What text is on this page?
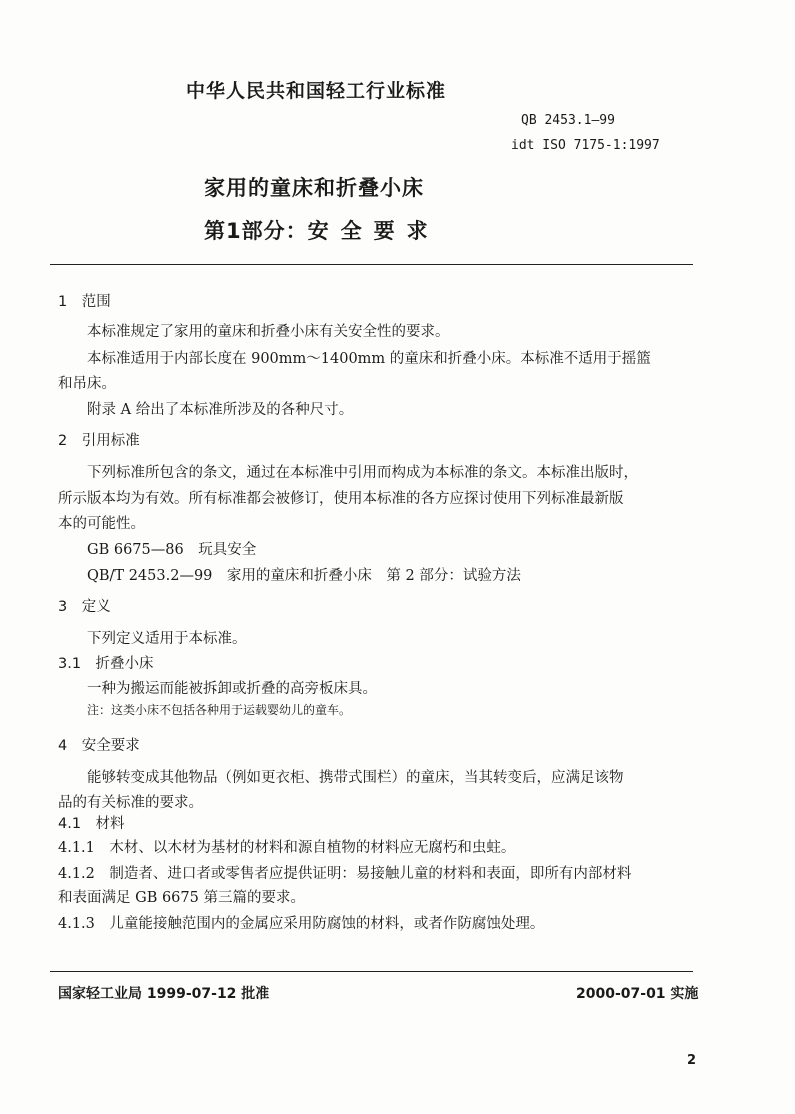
中华人民共和国轻工行业标准
QB 2453.1—99
idt ISO 7175-1:1997
家用的童床和折叠小床
第1部分：安全要求
1　范围
本标准规定了家用的童床和折叠小床有关安全性的要求。
本标准适用于内部长度在 900mm～1400mm 的童床和折叠小床。本标准不适用于摇篮
和吊床。
附录 A 给出了本标准所涉及的各种尺寸。
2　引用标准
下列标准所包含的条文，通过在本标准中引用而构成为本标准的条文。本标准出版时，
所示版本均为有效。所有标准都会被修订，使用本标准的各方应探讨使用下列标准最新版
本的可能性。
GB 6675—86　玩具安全
QB/T 2453.2—99　家用的童床和折叠小床　第 2 部分：试验方法
3　定义
下列定义适用于本标准。
3.1　折叠小床
一种为搬运而能被拆卸或折叠的高旁板床具。
注：这类小床不包括各种用于运载婴幼儿的童车。
4　安全要求
能够转变成其他物品（例如更衣柜、携带式围栏）的童床，当其转变后，应满足该物
品的有关标准的要求。
4.1　材料
4.1.1　木材、以木材为基材的材料和源自植物的材料应无腐朽和虫蛀。
4.1.2　制造者、进口者或零售者应提供证明：易接触儿童的材料和表面，即所有内部材料
和表面满足 GB 6675 第三篇的要求。
4.1.3　儿童能接触范围内的金属应采用防腐蚀的材料，或者作防腐蚀处理。
国家轻工业局 1999-07-12 批准	2000-07-01 实施
2
